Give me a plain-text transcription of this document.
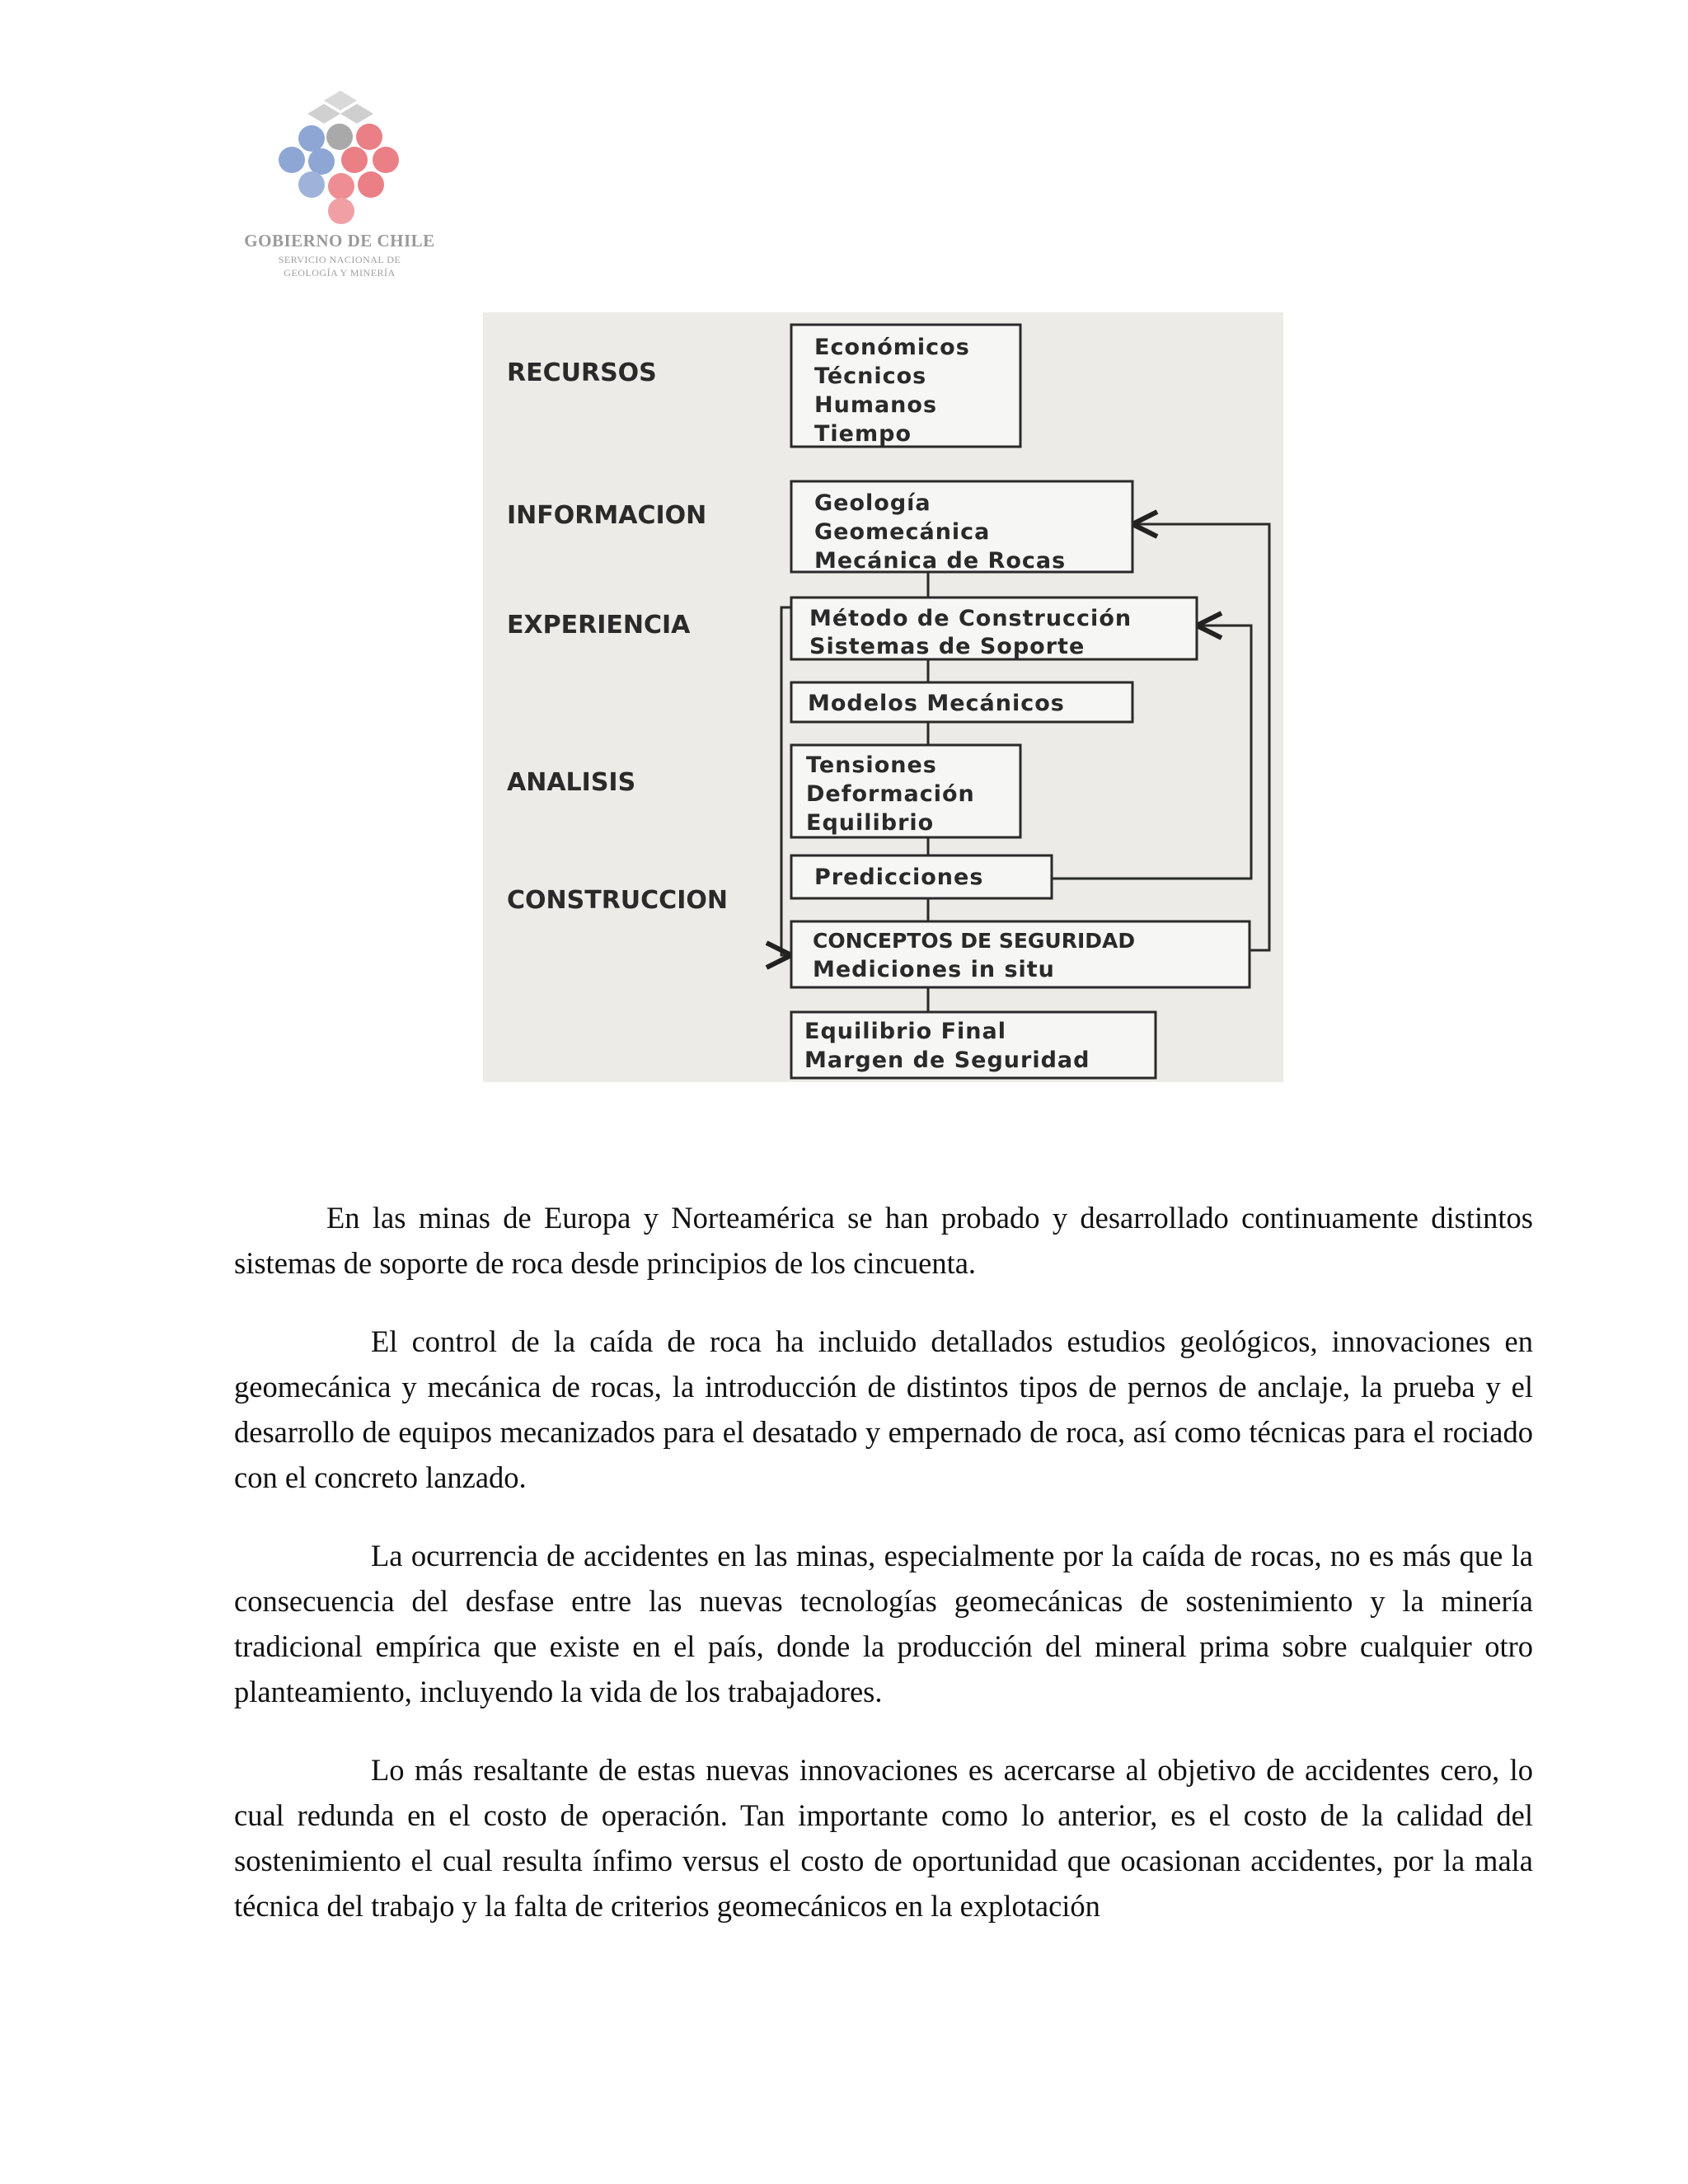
GOBIERNO DE CHILE
SERVICIO NACIONAL DE
GEOLOGÍA Y MINERÍA
RECURSOS
INFORMACION
EXPERIENCIA
ANALISIS
CONSTRUCCION
Económicos
Técnicos
Humanos
Tiempo
Geología
Geomecánica
Mecánica de Rocas
Método de Construcción
Sistemas de Soporte
Modelos Mecánicos
Tensiones
Deformación
Equilibrio
Predicciones
CONCEPTOS DE SEGURIDAD
Mediciones in situ
Equilibrio Final
Margen de Seguridad

En las minas de Europa y Norteamérica se han probado y desarrollado continuamente distintos sistemas de soporte de roca desde principios de los cincuenta.

El control de la caída de roca ha incluido detallados estudios geológicos, innovaciones en geomecánica y mecánica de rocas, la introducción de distintos tipos de pernos de anclaje, la prueba y el desarrollo de equipos mecanizados para el desatado y empernado de roca, así como técnicas para el rociado con el concreto lanzado.

La ocurrencia de accidentes en las minas, especialmente por la caída de rocas, no es más que la consecuencia del desfase entre las nuevas tecnologías geomecánicas de sostenimiento y la minería tradicional empírica que existe en el país, donde la producción del mineral prima sobre cualquier otro planteamiento, incluyendo la vida de los trabajadores.

Lo más resaltante de estas nuevas innovaciones es acercarse al objetivo de accidentes cero, lo cual redunda en el costo de operación. Tan importante como lo anterior, es el costo de la calidad del sostenimiento el cual resulta ínfimo versus el costo de oportunidad que ocasionan accidentes, por la mala técnica del trabajo y la falta de criterios geomecánicos en la explotación
